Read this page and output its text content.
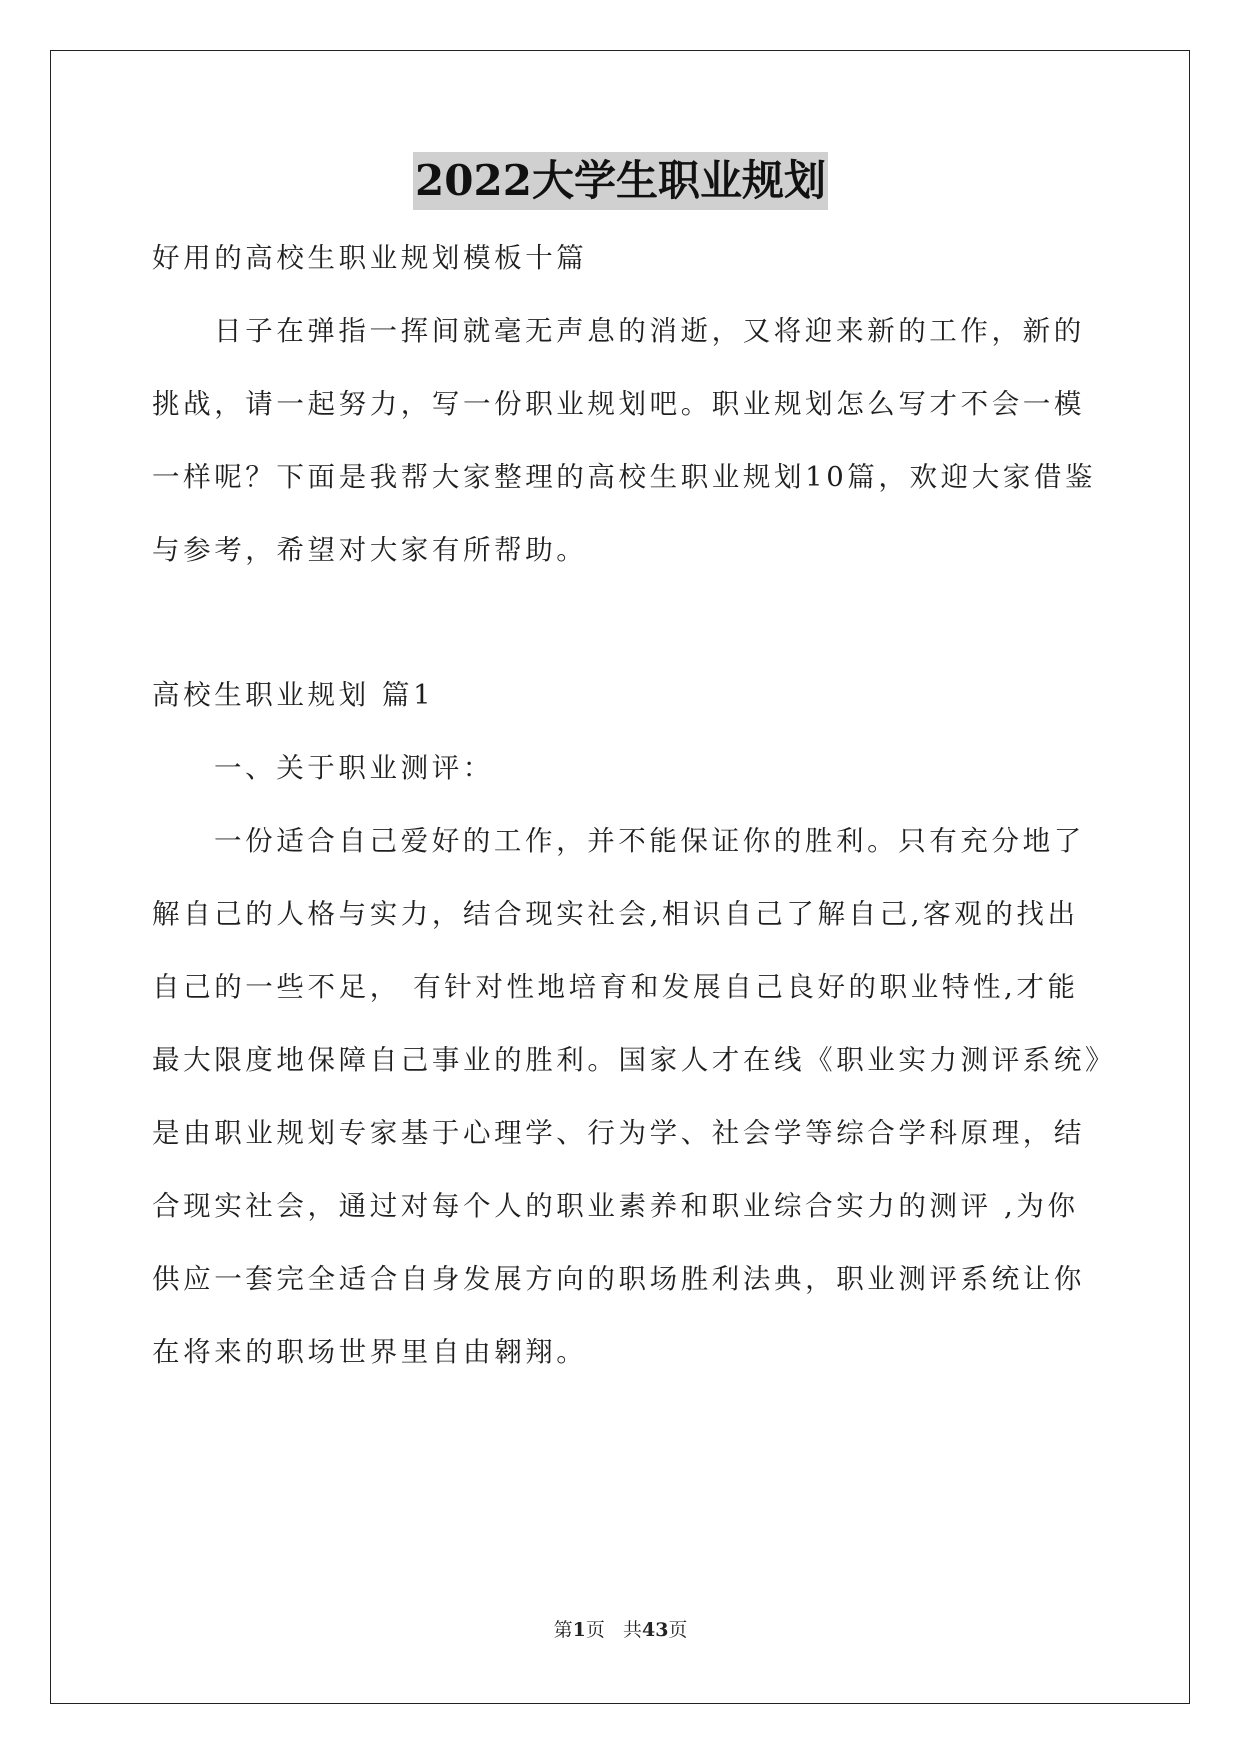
2022大学生职业规划
好用的高校生职业规划模板十篇
日子在弹指一挥间就毫无声息的消逝，又将迎来新的工作，新的
挑战，请一起努力，写一份职业规划吧。职业规划怎么写才不会一模
一样呢？下面是我帮大家整理的高校生职业规划10篇，欢迎大家借鉴
与参考，希望对大家有所帮助。
高校生职业规划 篇1
一、关于职业测评：
一份适合自己爱好的工作，并不能保证你的胜利。只有充分地了
解自己的人格与实力，结合现实社会,相识自己了解自己,客观的找出
自己的一些不足， 有针对性地培育和发展自己良好的职业特性,才能
最大限度地保障自己事业的胜利。国家人才在线《职业实力测评系统》
是由职业规划专家基于心理学、行为学、社会学等综合学科原理，结
合现实社会，通过对每个人的职业素养和职业综合实力的测评 ,为你
供应一套完全适合自身发展方向的职场胜利法典，职业测评系统让你
在将来的职场世界里自由翱翔。
第1页 共43页
